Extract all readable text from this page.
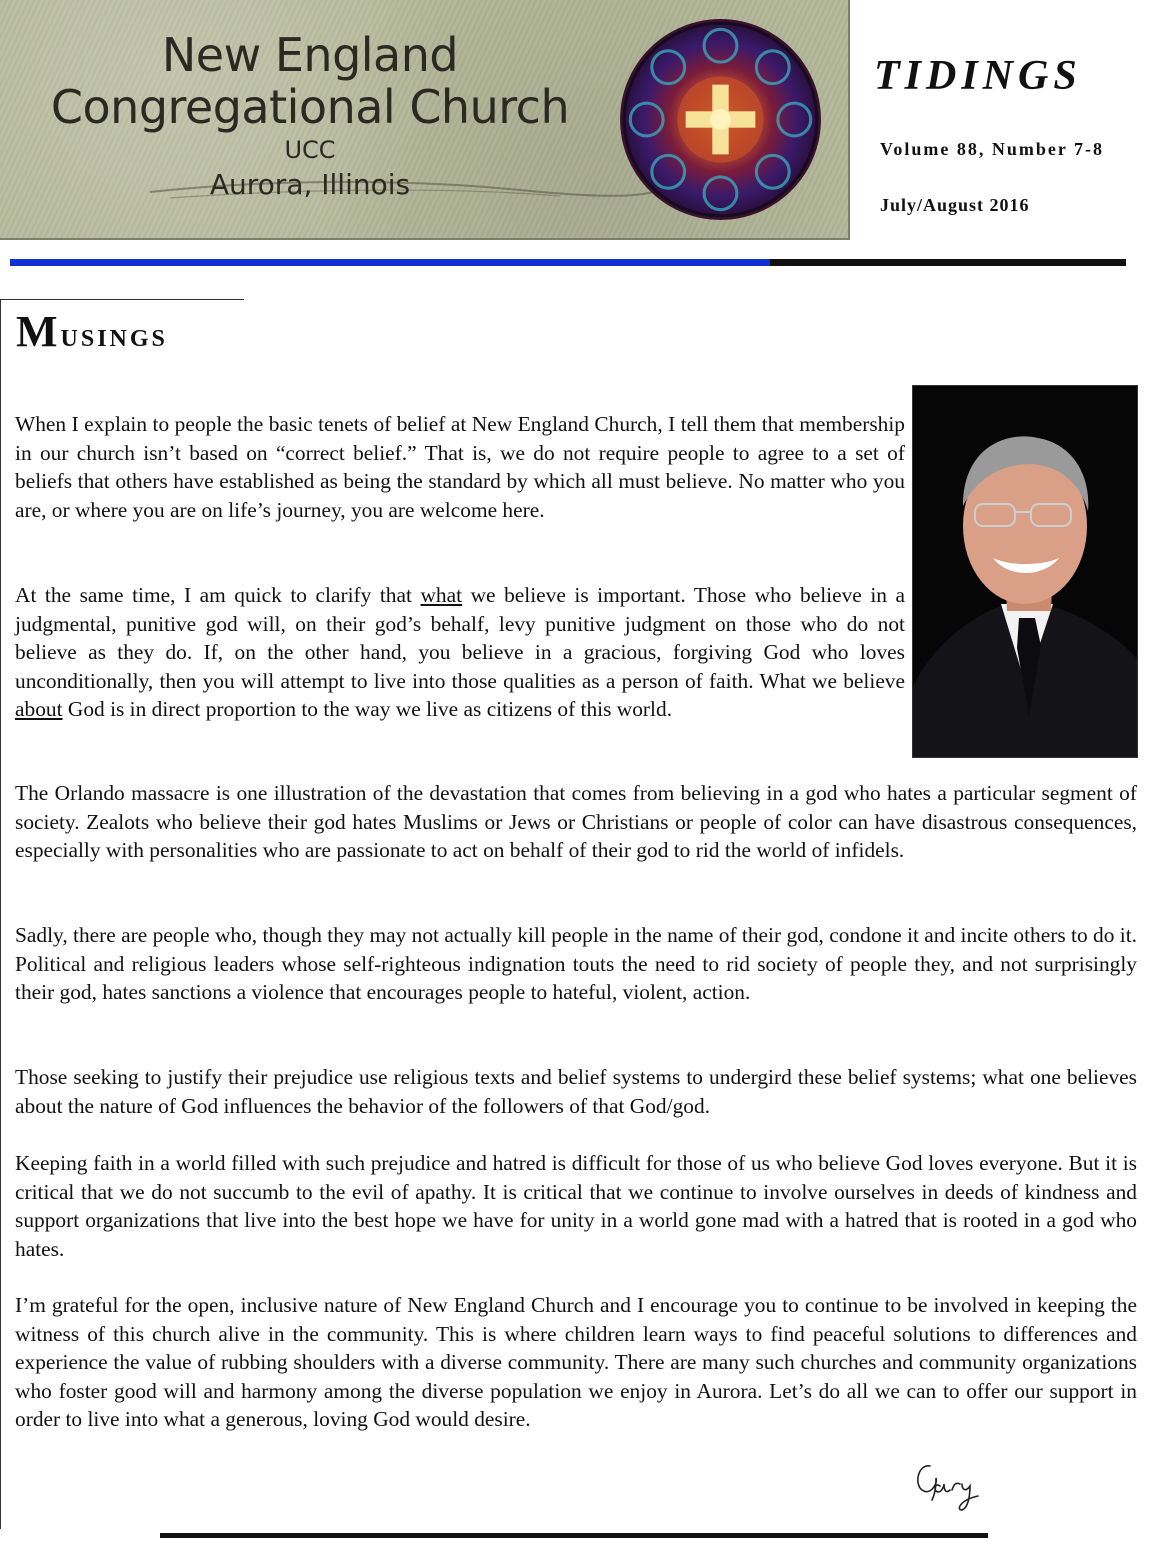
New England
Congregational Church
UCC
Aurora, Illinois
TIDINGS
Volume 88, Number 7-8
July/August 2016
Musings

When I explain to people the basic tenets of belief at New England Church, I tell them that membership in our church isn’t based on “correct belief.” That is, we do not require people to agree to a set of beliefs that others have established as being the standard by which all must believe. No matter who you are, or where you are on life’s journey, you are welcome here.

At the same time, I am quick to clarify that what we believe is important. Those who believe in a judgmental, punitive god will, on their god’s behalf, levy punitive judgment on those who do not believe as they do. If, on the other hand, you believe in a gracious, forgiving God who loves unconditionally, then you will attempt to live into those qualities as a person of faith. What we believe about God is in direct proportion to the way we live as citizens of this world.

The Orlando massacre is one illustration of the devastation that comes from believing in a god who hates a particular segment of society. Zealots who believe their god hates Muslims or Jews or Christians or people of color can have disastrous consequences, especially with personalities who are passionate to act on behalf of their god to rid the world of infidels.

Sadly, there are people who, though they may not actually kill people in the name of their god, condone it and incite others to do it. Political and religious leaders whose self-righteous indignation touts the need to rid society of people they, and not surprisingly their god, hates sanctions a violence that encourages people to hateful, violent, action.

Those seeking to justify their prejudice use religious texts and belief systems to undergird these belief systems; what one believes about the nature of God influences the behavior of the followers of that God/god.

Keeping faith in a world filled with such prejudice and hatred is difficult for those of us who believe God loves everyone. But it is critical that we do not succumb to the evil of apathy. It is critical that we continue to involve ourselves in deeds of kindness and support organizations that live into the best hope we have for unity in a world gone mad with a hatred that is rooted in a god who hates.

I’m grateful for the open, inclusive nature of New England Church and I encourage you to continue to be involved in keeping the witness of this church alive in the community. This is where children learn ways to find peaceful solutions to differences and experience the value of rubbing shoulders with a diverse community. There are many such churches and community organizations who foster good will and harmony among the diverse population we enjoy in Aurora. Let’s do all we can to offer our support in order to live into what a generous, loving God would desire.
